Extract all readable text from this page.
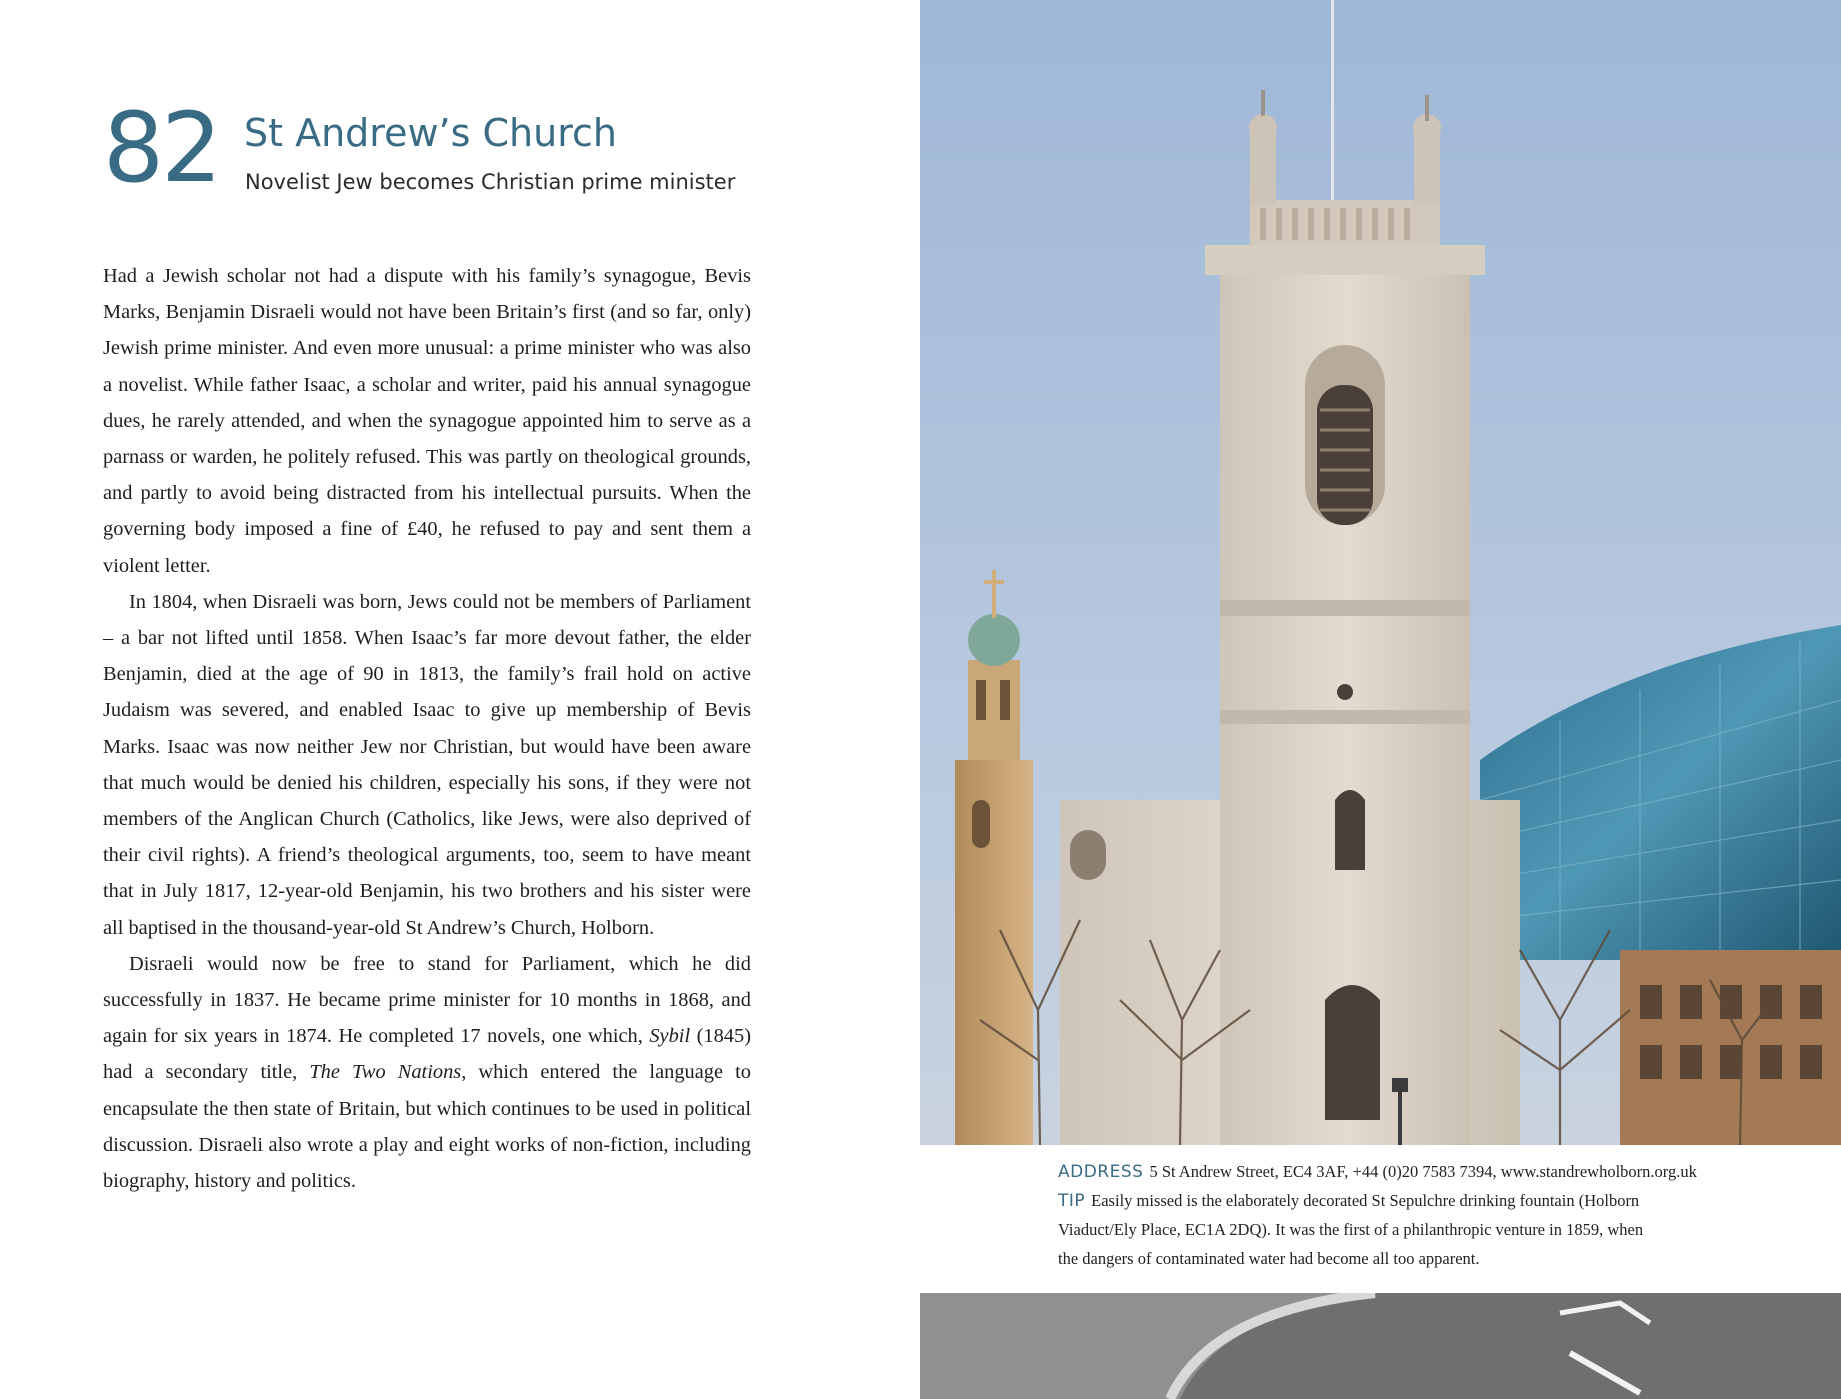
82 St Andrew’s Church
Novelist Jew becomes Christian prime minister

Had a Jewish scholar not had a dispute with his family’s synagogue, Bevis Marks, Benjamin Disraeli would not have been Britain’s first (and so far, only) Jewish prime minister. And even more unusual: a prime minister who was also a novelist. While father Isaac, a scholar and writer, paid his annual synagogue dues, he rarely attended, and when the synagogue appointed him to serve as a parnass or warden, he politely refused. This was partly on theological grounds, and partly to avoid being distracted from his intellectual pursuits. When the governing body imposed a fine of £40, he refused to pay and sent them a violent letter.

In 1804, when Disraeli was born, Jews could not be members of Parliament – a bar not lifted until 1858. When Isaac’s far more devout father, the elder Benjamin, died at the age of 90 in 1813, the family’s frail hold on active Judaism was severed, and enabled Isaac to give up membership of Bevis Marks. Isaac was now neither Jew nor Christian, but would have been aware that much would be denied his children, especially his sons, if they were not members of the Anglican Church (Catholics, like Jews, were also deprived of their civil rights). A friend’s theological arguments, too, seem to have meant that in July 1817, 12-year-old Benjamin, his two brothers and his sister were all baptised in the thousand-year-old St Andrew’s Church, Holborn.

Disraeli would now be free to stand for Parliament, which he did successfully in 1837. He became prime minister for 10 months in 1868, and again for six years in 1874. He completed 17 novels, one which, Sybil (1845) had a secondary title, The Two Nations, which entered the language to encapsulate the then state of Britain, but which continues to be used in political discussion. Disraeli also wrote a play and eight works of non-fiction, including biography, history and politics.	ADDRESS 5 St Andrew Street, EC4 3AF, +44 (0)20 7583 7394, www.standrewholborn.org.uk
TIP Easily missed is the elaborately decorated St Sepulchre drinking fountain (Holborn
Viaduct/Ely Place, EC1A 2DQ). It was the first of a philanthropic venture in 1859, when
the dangers of contaminated water had become all too apparent.
